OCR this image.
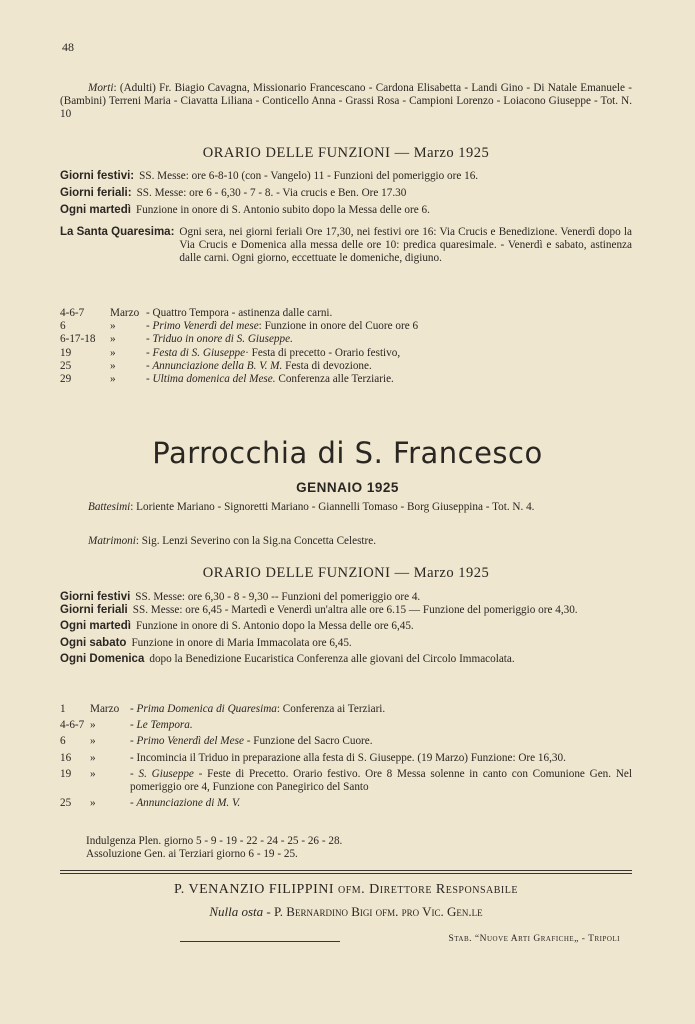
48
Morti: (Adulti) Fr. Biagio Cavagna, Missionario Francescano - Cardona Elisabetta - Landi Gino - Di Natale Emanuele - (Bambini) Terreni Maria - Ciavatta Liliana - Conticello Anna - Grassi Rosa - Campioni Lorenzo - Loiacono Giuseppe - Tot. N. 10
ORARIO DELLE FUNZIONI — Marzo 1925
Giorni festivi: SS. Messe: ore 6-8-10 (con - Vangelo) 11 - Funzioni del pomeriggio ore 16.
Giorni feriali: SS. Messe: ore 6 - 6,30 - 7 - 8. - Via crucis e Ben. Ore 17.30
Ogni martedì Funzione in onore di S. Antonio subito dopo la Messa delle ore 6.
La Santa Quaresima: Ogni sera, nei giorni feriali Ore 17,30, nei festivi ore 16: Via Crucis e Benedizione. Venerdì dopo la Via Crucis e Domenica alla messa delle ore 10: predica quaresimale. - Venerdì e sabato, astinenza dalle carni. Ogni giorno, eccettuate le domeniche, digiuno.
4-6-7	Marzo - Quattro Tempora - astinenza dalle carni.
6	»	- Primo Venerdì del mese: Funzione in onore del Cuore ore 6
6-17-18	»	- Triduo in onore di S. Giuseppe.
19	»	- Festa di S. Giuseppe· Festa di precetto - Orario festivo,
25	»	- Annunciazione della B. V. M. Festa di devozione.
29	»	- Ultima domenica del Mese. Conferenza alle Terziarie.
Parrocchia di S. Francesco
GENNAIO 1925
Battesimi: Loriente Mariano - Signoretti Mariano - Giannelli Tomaso - Borg Giuseppina - Tot. N. 4.
Matrimoni: Sig. Lenzi Severino con la Sig.na Concetta Celestre.
ORARIO DELLE FUNZIONI — Marzo 1925
Giorni festivi SS. Messe: ore 6,30 - 8 - 9,30 -- Funzioni del pomeriggio ore 4.
Giorni feriali SS. Messe: ore 6,45 - Martedì e Venerdì un'altra alle ore 6.15 — Funzione del pomeriggio ore 4,30.
Ogni martedì Funzione in onore di S. Antonio dopo la Messa delle ore 6,45.
Ogni sabato Funzione in onore di Maria Immacolata ore 6,45.
Ogni Domenica dopo la Benedizione Eucaristica Conferenza alle giovani del Circolo Immacolata.
1	Marzo - Prima Domenica di Quaresima: Conferenza ai Terziari.
4-6-7 »	- Le Tempora.
6	»	- Primo Venerdì del Mese - Funzione del Sacro Cuore.
16	»	- Incomincia il Triduo in preparazione alla festa di S. Giuseppe. (19 Marzo) Funzione: Ore 16,30.
19	»	- S. Giuseppe - Feste di Precetto. Orario festivo. Ore 8 Messa solenne in canto con Comunione Gen. Nel pomeriggio ore 4, Funzione con Panegirico del Santo
25	»	- Annunciazione di M. V.
Indulgenza Plen. giorno 5 - 9 - 19 - 22 - 24 - 25 - 26 - 28.
Assoluzione Gen. ai Terziari giorno 6 - 19 - 25.
P. VENANZIO FILIPPINI ofm. Direttore Responsabile
Nulla osta - P. Bernardino Bigi ofm. pro Vic. Gen.le
Stab. “Nuove Arti Grafiche„ - Tripoli
